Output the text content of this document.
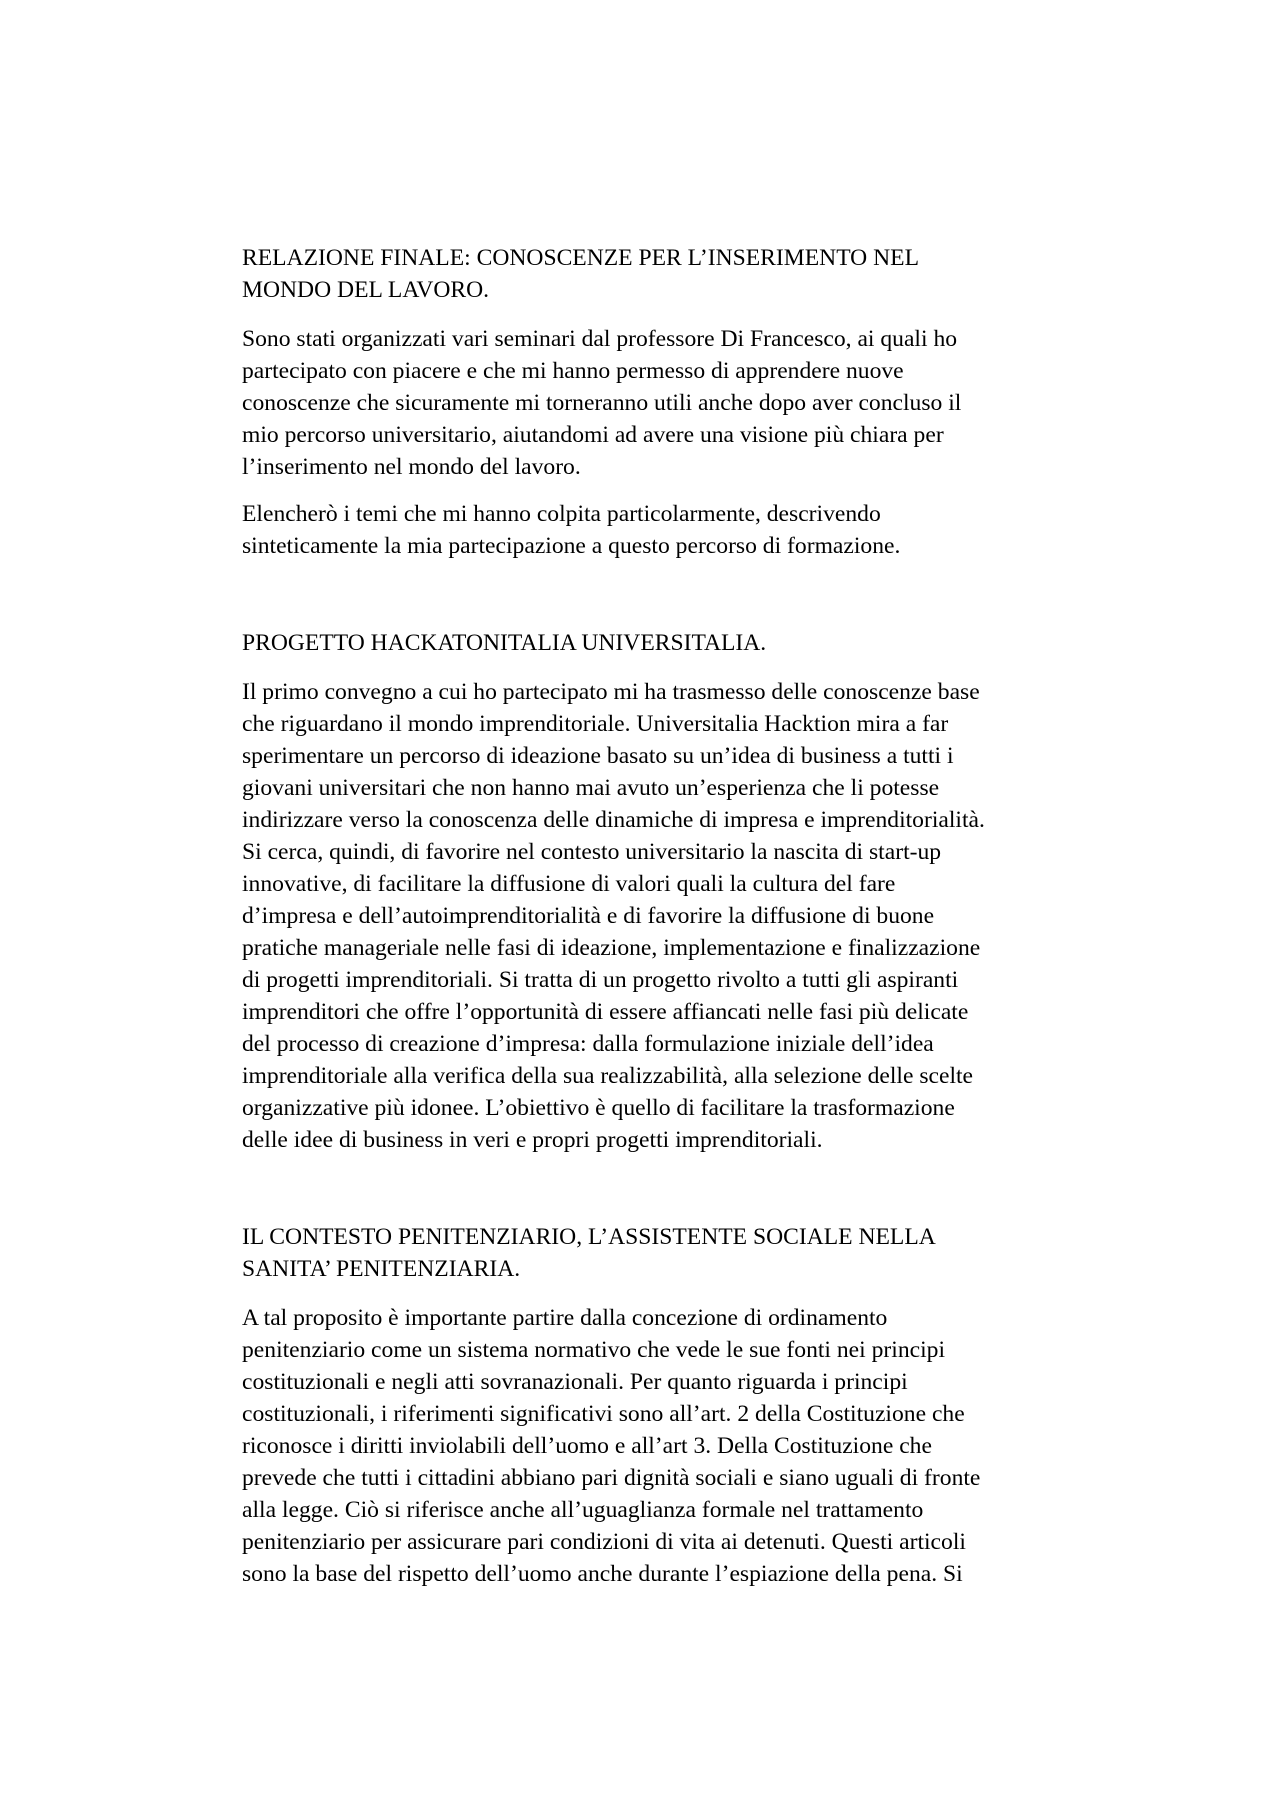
RELAZIONE FINALE: CONOSCENZE PER L’INSERIMENTO NEL
MONDO DEL LAVORO.

Sono stati organizzati vari seminari dal professore Di Francesco, ai quali ho
partecipato con piacere e che mi hanno permesso di apprendere nuove
conoscenze che sicuramente mi torneranno utili anche dopo aver concluso il
mio percorso universitario, aiutandomi ad avere una visione più chiara per
l’inserimento nel mondo del lavoro.

Elencherò i temi che mi hanno colpita particolarmente, descrivendo
sinteticamente la mia partecipazione a questo percorso di formazione.

PROGETTO HACKATONITALIA UNIVERSITALIA.

Il primo convegno a cui ho partecipato mi ha trasmesso delle conoscenze base
che riguardano il mondo imprenditoriale. Universitalia Hacktion mira a far
sperimentare un percorso di ideazione basato su un’idea di business a tutti i
giovani universitari che non hanno mai avuto un’esperienza che li potesse
indirizzare verso la conoscenza delle dinamiche di impresa e imprenditorialità.
Si cerca, quindi, di favorire nel contesto universitario la nascita di start-up
innovative, di facilitare la diffusione di valori quali la cultura del fare
d’impresa e dell’autoimprenditorialità e di favorire la diffusione di buone
pratiche manageriale nelle fasi di ideazione, implementazione e finalizzazione
di progetti imprenditoriali. Si tratta di un progetto rivolto a tutti gli aspiranti
imprenditori che offre l’opportunità di essere affiancati nelle fasi più delicate
del processo di creazione d’impresa: dalla formulazione iniziale dell’idea
imprenditoriale alla verifica della sua realizzabilità, alla selezione delle scelte
organizzative più idonee. L’obiettivo è quello di facilitare la trasformazione
delle idee di business in veri e propri progetti imprenditoriali.

IL CONTESTO PENITENZIARIO, L’ASSISTENTE SOCIALE NELLA
SANITA’ PENITENZIARIA.

A tal proposito è importante partire dalla concezione di ordinamento
penitenziario come un sistema normativo che vede le sue fonti nei principi
costituzionali e negli atti sovranazionali. Per quanto riguarda i principi
costituzionali, i riferimenti significativi sono all’art. 2 della Costituzione che
riconosce i diritti inviolabili dell’uomo e all’art 3. Della Costituzione che
prevede che tutti i cittadini abbiano pari dignità sociali e siano uguali di fronte
alla legge. Ciò si riferisce anche all’uguaglianza formale nel trattamento
penitenziario per assicurare pari condizioni di vita ai detenuti. Questi articoli
sono la base del rispetto dell’uomo anche durante l’espiazione della pena. Si
